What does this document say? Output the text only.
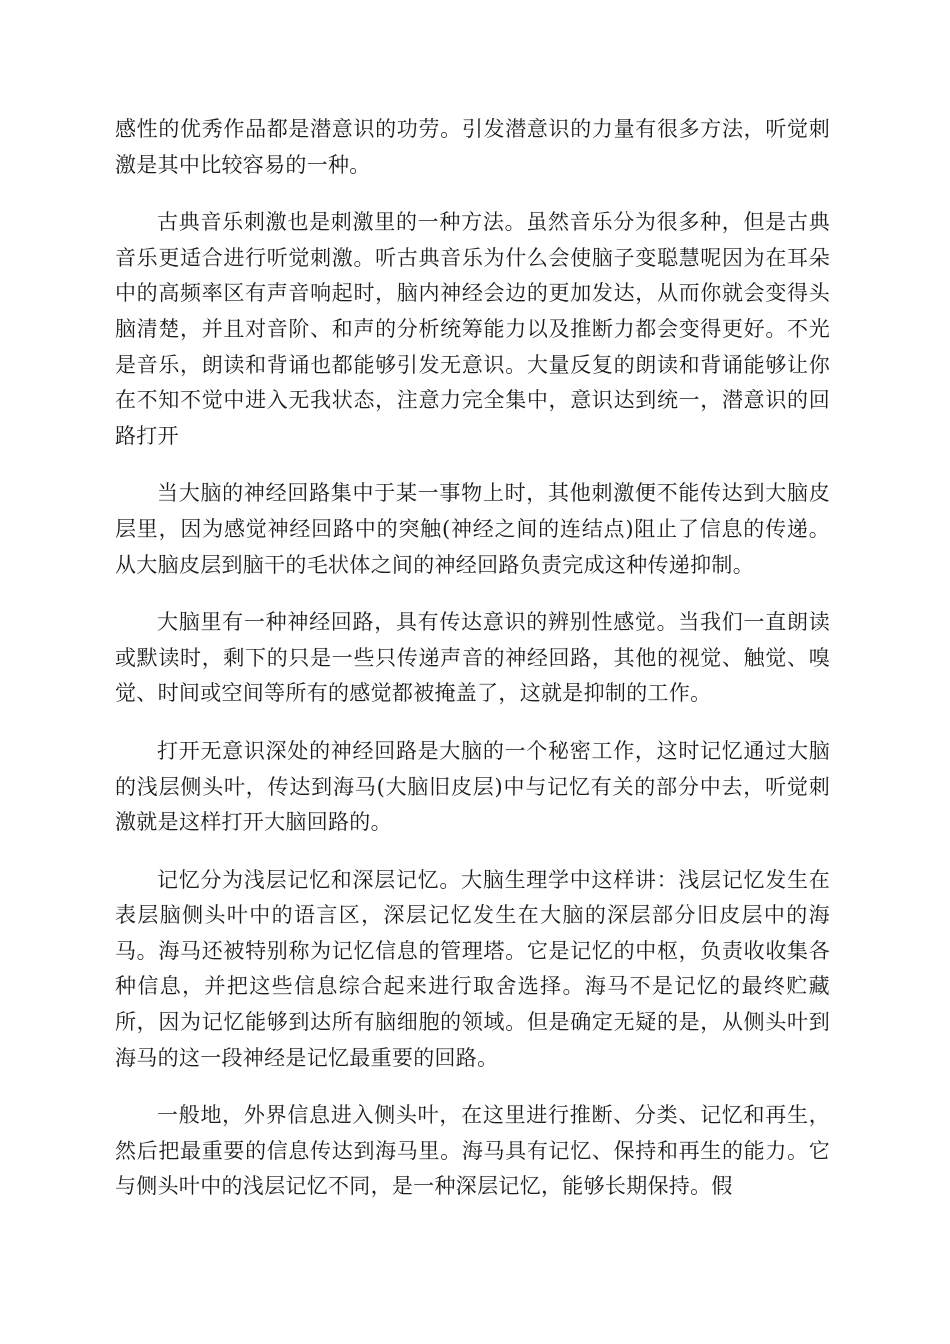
感性的优秀作品都是潜意识的功劳。引发潜意识的力量有很多方法，听觉刺激是其中比较容易的一种。

古典音乐刺激也是刺激里的一种方法。虽然音乐分为很多种，但是古典音乐更适合进行听觉刺激。听古典音乐为什么会使脑子变聪慧呢因为在耳朵中的高频率区有声音响起时，脑内神经会边的更加发达，从而你就会变得头脑清楚，并且对音阶、和声的分析统筹能力以及推断力都会变得更好。不光是音乐，朗读和背诵也都能够引发无意识。大量反复的朗读和背诵能够让你在不知不觉中进入无我状态，注意力完全集中，意识达到统一，潜意识的回路打开

当大脑的神经回路集中于某一事物上时，其他刺激便不能传达到大脑皮层里，因为感觉神经回路中的突触(神经之间的连结点)阻止了信息的传递。从大脑皮层到脑干的毛状体之间的神经回路负责完成这种传递抑制。

大脑里有一种神经回路，具有传达意识的辨别性感觉。当我们一直朗读或默读时，剩下的只是一些只传递声音的神经回路，其他的视觉、触觉、嗅觉、时间或空间等所有的感觉都被掩盖了，这就是抑制的工作。

打开无意识深处的神经回路是大脑的一个秘密工作，这时记忆通过大脑的浅层侧头叶，传达到海马(大脑旧皮层)中与记忆有关的部分中去，听觉刺激就是这样打开大脑回路的。

记忆分为浅层记忆和深层记忆。大脑生理学中这样讲：浅层记忆发生在表层脑侧头叶中的语言区，深层记忆发生在大脑的深层部分旧皮层中的海马。海马还被特别称为记忆信息的管理塔。它是记忆的中枢，负责收收集各种信息，并把这些信息综合起来进行取舍选择。海马不是记忆的最终贮藏所，因为记忆能够到达所有脑细胞的领域。但是确定无疑的是，从侧头叶到海马的这一段神经是记忆最重要的回路。

一般地，外界信息进入侧头叶，在这里进行推断、分类、记忆和再生，然后把最重要的信息传达到海马里。海马具有记忆、保持和再生的能力。它与侧头叶中的浅层记忆不同，是一种深层记忆，能够长期保持。假
